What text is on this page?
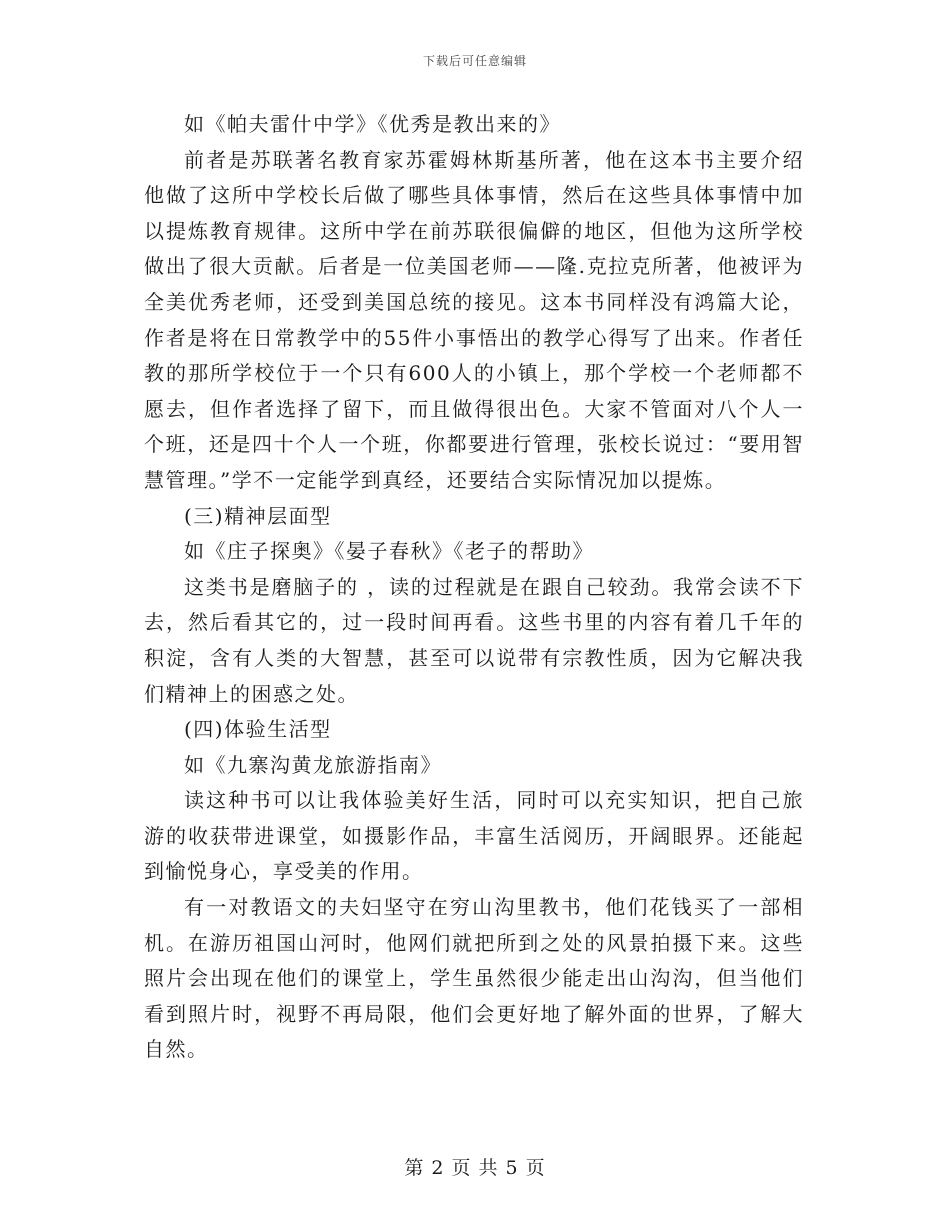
下载后可任意编辑

如《帕夫雷什中学》《优秀是教出来的》

前者是苏联著名教育家苏霍姆林斯基所著，他在这本书主要介绍他做了这所中学校长后做了哪些具体事情，然后在这些具体事情中加以提炼教育规律。这所中学在前苏联很偏僻的地区，但他为这所学校做出了很大贡献。后者是一位美国老师——隆.克拉克所著，他被评为全美优秀老师，还受到美国总统的接见。这本书同样没有鸿篇大论，作者是将在日常教学中的55件小事悟出的教学心得写了出来。作者任教的那所学校位于一个只有600人的小镇上，那个学校一个老师都不愿去，但作者选择了留下，而且做得很出色。大家不管面对八个人一个班，还是四十个人一个班，你都要进行管理，张校长说过：“要用智慧管理。”学不一定能学到真经，还要结合实际情况加以提炼。

(三)精神层面型

如《庄子探奥》《晏子春秋》《老子的帮助》

这类书是磨脑子的 ，读的过程就是在跟自己较劲。我常会读不下去，然后看其它的，过一段时间再看。这些书里的内容有着几千年的积淀，含有人类的大智慧，甚至可以说带有宗教性质，因为它解决我们精神上的困惑之处。

(四)体验生活型

如《九寨沟黄龙旅游指南》

读这种书可以让我体验美好生活，同时可以充实知识，把自己旅游的收获带进课堂，如摄影作品，丰富生活阅历，开阔眼界。还能起到愉悦身心，享受美的作用。

有一对教语文的夫妇坚守在穷山沟里教书，他们花钱买了一部相机。在游历祖国山河时，他网们就把所到之处的风景拍摄下来。这些照片会出现在他们的课堂上，学生虽然很少能走出山沟沟，但当他们看到照片时，视野不再局限，他们会更好地了解外面的世界，了解大自然。

第 2 页 共 5 页
